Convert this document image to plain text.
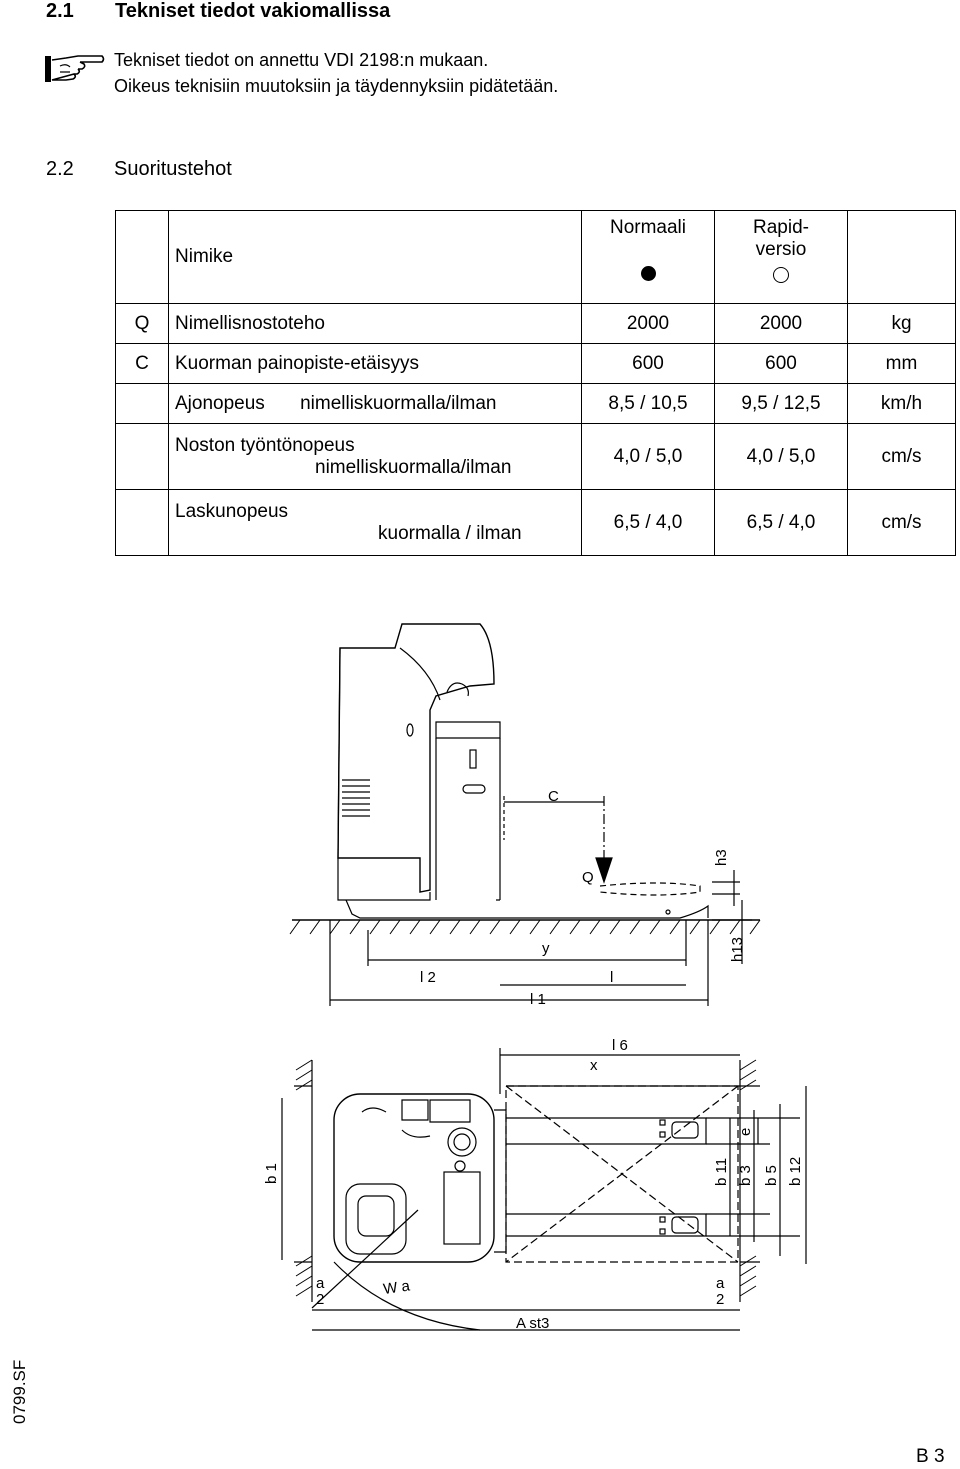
2.1 Tekniset tiedot vakiomallissa
Tekniset tiedot on annettu VDI 2198:n mukaan.
Oikeus teknisiin muutoksiin ja täydennyksiin pidätetään.
2.2 Suoritustehot
	Nimike	Normaali	Rapid-
versio	

Q	Nimellisnostoteho	2000	2000	kg
C	Kuorman painopiste-etäisyys	600	600	mm
	Ajonopeus nimelliskuormalla/ilman	8,5 / 10,5	9,5 / 12,5	km/h

	Noston työntönopeus
nimelliskuormalla/ilman	4,0 / 5,0	4,0 / 5,0	cm/s

	Laskunopeus
kuormalla / ilman	6,5 / 4,0	6,5 / 4,0	cm/s
C
Q
h3
h13
y
l 2	l
l 1
l 6
x
b 1
e
b 11 b 3 b 5 b 12
a
2
a
2
W a
A st3
0799.SF
B 3
